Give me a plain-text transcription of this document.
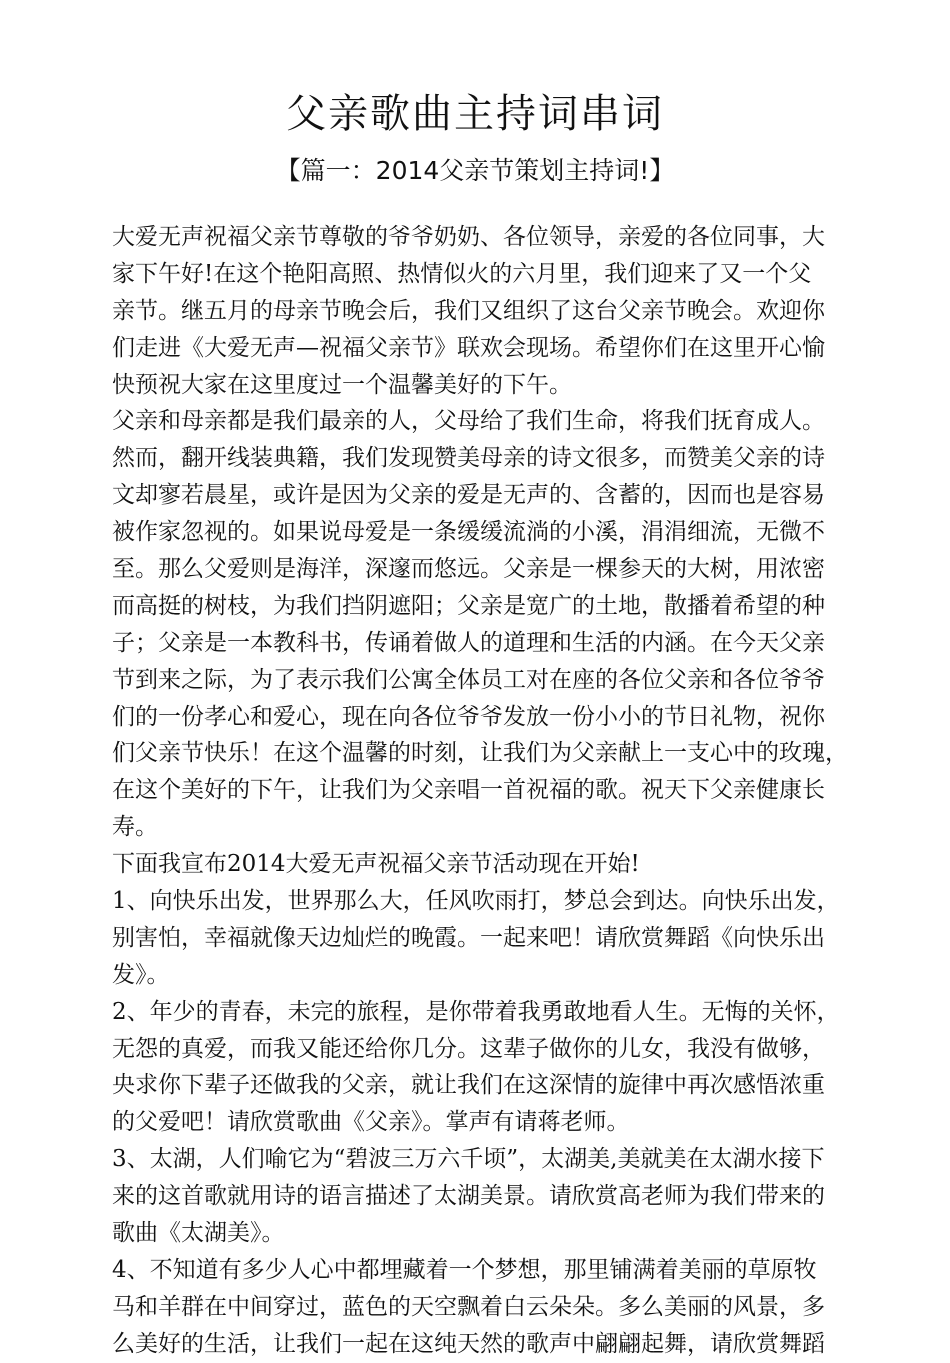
父亲歌曲主持词串词
【篇一：2014父亲节策划主持词!】
大爱无声祝福父亲节尊敬的爷爷奶奶、各位领导，亲爱的各位同事，大
家下午好!在这个艳阳高照、热情似火的六月里，我们迎来了又一个父
亲节。继五月的母亲节晚会后，我们又组织了这台父亲节晚会。欢迎你
们走进《大爱无声—祝福父亲节》联欢会现场。希望你们在这里开心愉
快预祝大家在这里度过一个温馨美好的下午。
父亲和母亲都是我们最亲的人，父母给了我们生命，将我们抚育成人。
然而，翻开线装典籍，我们发现赞美母亲的诗文很多，而赞美父亲的诗
文却寥若晨星，或许是因为父亲的爱是无声的、含蓄的，因而也是容易
被作家忽视的。如果说母爱是一条缓缓流淌的小溪，涓涓细流，无微不
至。那么父爱则是海洋，深邃而悠远。父亲是一棵参天的大树，用浓密
而高挺的树枝，为我们挡阴遮阳；父亲是宽广的土地，散播着希望的种
子；父亲是一本教科书，传诵着做人的道理和生活的内涵。在今天父亲
节到来之际，为了表示我们公寓全体员工对在座的各位父亲和各位爷爷
们的一份孝心和爱心，现在向各位爷爷发放一份小小的节日礼物，祝你
们父亲节快乐！在这个温馨的时刻，让我们为父亲献上一支心中的玫瑰，
在这个美好的下午，让我们为父亲唱一首祝福的歌。祝天下父亲健康长
寿。
下面我宣布2014大爱无声祝福父亲节活动现在开始!
1、向快乐出发，世界那么大，任风吹雨打，梦总会到达。向快乐出发，
别害怕，幸福就像天边灿烂的晚霞。一起来吧！请欣赏舞蹈《向快乐出
发》。
2、年少的青春，未完的旅程，是你带着我勇敢地看人生。无悔的关怀，
无怨的真爱，而我又能还给你几分。这辈子做你的儿女，我没有做够，
央求你下辈子还做我的父亲，就让我们在这深情的旋律中再次感悟浓重
的父爱吧！请欣赏歌曲《父亲》。掌声有请蒋老师。
3、太湖，人们喻它为“碧波三万六千顷”，太湖美,美就美在太湖水接下
来的这首歌就用诗的语言描述了太湖美景。请欣赏高老师为我们带来的
歌曲《太湖美》。
4、不知道有多少人心中都埋藏着一个梦想，那里铺满着美丽的草原牧
马和羊群在中间穿过，蓝色的天空飘着白云朵朵。多么美丽的风景，多
么美好的生活，让我们一起在这纯天然的歌声中翩翩起舞，请欣赏舞蹈
